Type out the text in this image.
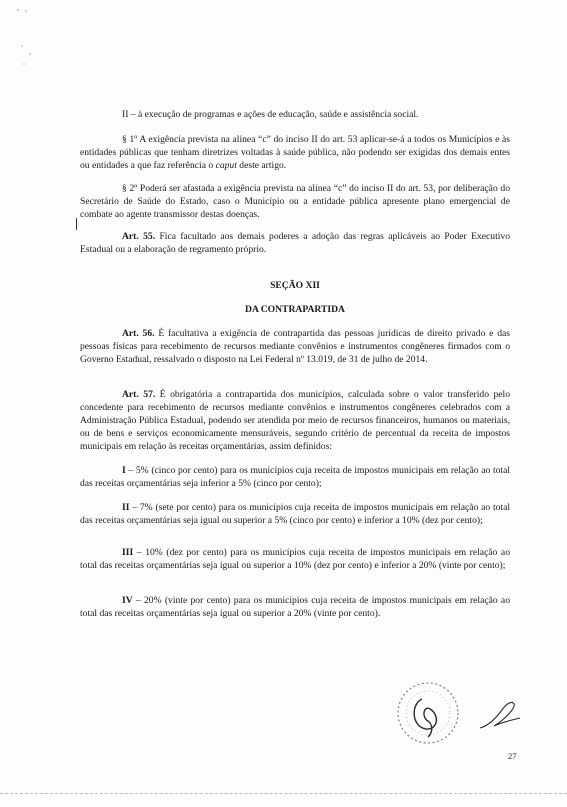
II – à execução de programas e ações de educação, saúde e assistência social.

§ 1º A exigência prevista na alínea “c” do inciso II do art. 53 aplicar-se-á a todos os Municípios e às entidades públicas que tenham diretrizes voltadas à saúde pública, não podendo ser exigidas dos demais entes ou entidades a que faz referência o caput deste artigo.

§ 2º Poderá ser afastada a exigência prevista na alínea “c” do inciso II do art. 53, por deliberação do Secretário de Saúde do Estado, caso o Município ou a entidade pública apresente plano emergencial de combate ao agente transmissor destas doenças.

Art. 55. Fica facultado aos demais poderes a adoção das regras aplicáveis ao Poder Executivo Estadual ou a elaboração de regramento próprio.

SEÇÃO XII
DA CONTRAPARTIDA

Art. 56. É facultativa a exigência de contrapartida das pessoas jurídicas de direito privado e das pessoas físicas para recebimento de recursos mediante convênios e instrumentos congêneres firmados com o Governo Estadual, ressalvado o disposto na Lei Federal nº 13.019, de 31 de julho de 2014.

Art. 57. É obrigatória a contrapartida dos municípios, calculada sobre o valor transferido pelo concedente para recebimento de recursos mediante convênios e instrumentos congêneres celebrados com a Administração Pública Estadual, podendo ser atendida por meio de recursos financeiros, humanos ou materiais, ou de bens e serviços economicamente mensuráveis, segundo critério de percentual da receita de impostos municipais em relação às receitas orçamentárias, assim definidos:

I – 5% (cinco por cento) para os municípios cuja receita de impostos municipais em relação ao total das receitas orçamentárias seja inferior a 5% (cinco por cento);

II – 7% (sete por cento) para os municípios cuja receita de impostos municipais em relação ao total das receitas orçamentárias seja igual ou superior a 5% (cinco por cento) e inferior a 10% (dez por cento);

III – 10% (dez por cento) para os municípios cuja receita de impostos municipais em relação ao total das receitas orçamentárias seja igual ou superior a 10% (dez por cento) e inferior a 20% (vinte por cento);

IV – 20% (vinte por cento) para os municípios cuja receita de impostos municipais em relação ao total das receitas orçamentárias seja igual ou superior a 20% (vinte por cento).

27
